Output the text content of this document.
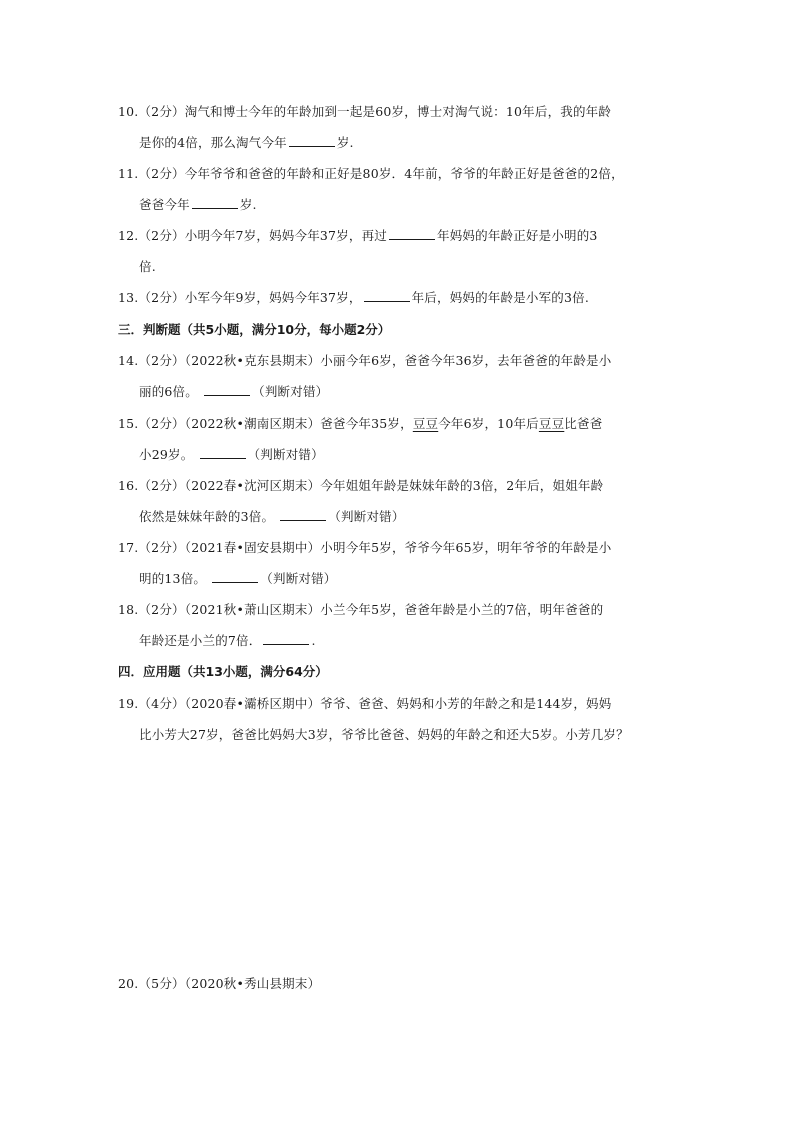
10.（2分）淘气和博士今年的年龄加到一起是60岁，博士对淘气说：10年后，我的年龄
是你的4倍，那么淘气今年	岁.
11.（2分）今年爷爷和爸爸的年龄和正好是80岁．4年前，爷爷的年龄正好是爸爸的2倍，
爸爸今年	岁.
12.（2分）小明今年7岁，妈妈今年37岁，再过	年妈妈的年龄正好是小明的3
倍.
13.（2分）小军今年9岁，妈妈今年37岁，	年后，妈妈的年龄是小军的3倍.
三．判断题（共5小题，满分10分，每小题2分）
14.（2分）（2022秋•克东县期末）小丽今年6岁，爸爸今年36岁，去年爸爸的年龄是小
丽的6倍。	（判断对错）
15.（2分）（2022秋•潮南区期末）爸爸今年35岁，豆豆今年6岁，10年后豆豆比爸爸
小29岁。	（判断对错）
16.（2分）（2022春•沈河区期末）今年姐姐年龄是妹妹年龄的3倍，2年后，姐姐年龄
依然是妹妹年龄的3倍。	（判断对错）
17.（2分）（2021春•固安县期中）小明今年5岁，爷爷今年65岁，明年爷爷的年龄是小
明的13倍。	（判断对错）
18.（2分）（2021秋•萧山区期末）小兰今年5岁，爸爸年龄是小兰的7倍，明年爸爸的
年龄还是小兰的7倍．	.
四．应用题（共13小题，满分64分）
19.（4分）（2020春•灞桥区期中）爷爷、爸爸、妈妈和小芳的年龄之和是144岁，妈妈
比小芳大27岁，爸爸比妈妈大3岁，爷爷比爸爸、妈妈的年龄之和还大5岁。小芳几岁？
20.（5分）（2020秋•秀山县期末）
